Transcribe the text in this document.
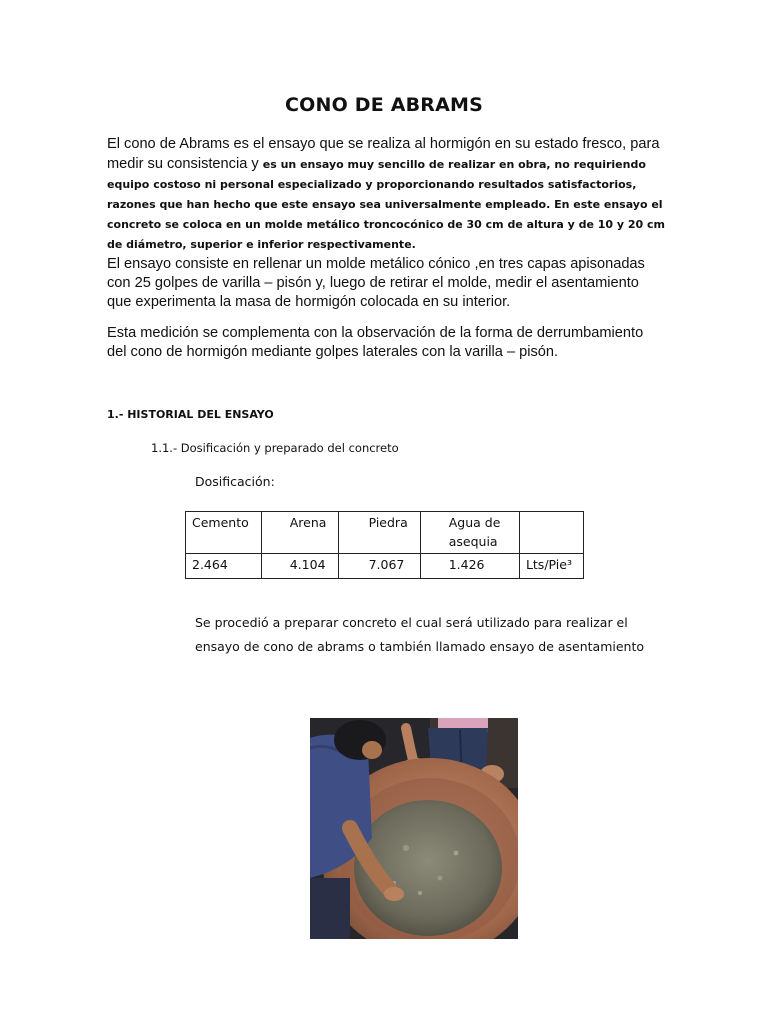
CONO DE ABRAMS
El cono de Abrams es el ensayo que se realiza al hormigón en su estado fresco, para medir su consistencia y es un ensayo muy sencillo de realizar en obra, no requiriendo equipo costoso ni personal especializado y proporcionando resultados satisfactorios, razones que han hecho que este ensayo sea universalmente empleado. En este ensayo el concreto se coloca en un molde metálico troncocónico de 30 cm de altura y de 10 y 20 cm de diámetro, superior e inferior respectivamente.
El ensayo consiste en rellenar un molde metálico cónico ,en tres capas apisonadas con 25 golpes de varilla – pisón y, luego de retirar el molde, medir el asentamiento que experimenta la masa de hormigón colocada en su interior.
Esta medición se complementa con la observación de la forma de derrumbamiento
del cono de hormigón mediante golpes laterales con la varilla – pisón.
1.- HISTORIAL DEL ENSAYO
1.1.- Dosificación y preparado del concreto
Dosificación:
Cemento	Arena	Piedra	Agua de asequia	
2.464	4.104	7.067	1.426	Lts/Pie³
Se procedió a preparar concreto el cual será utilizado para realizar el ensayo de cono de abrams o también llamado ensayo de asentamiento
